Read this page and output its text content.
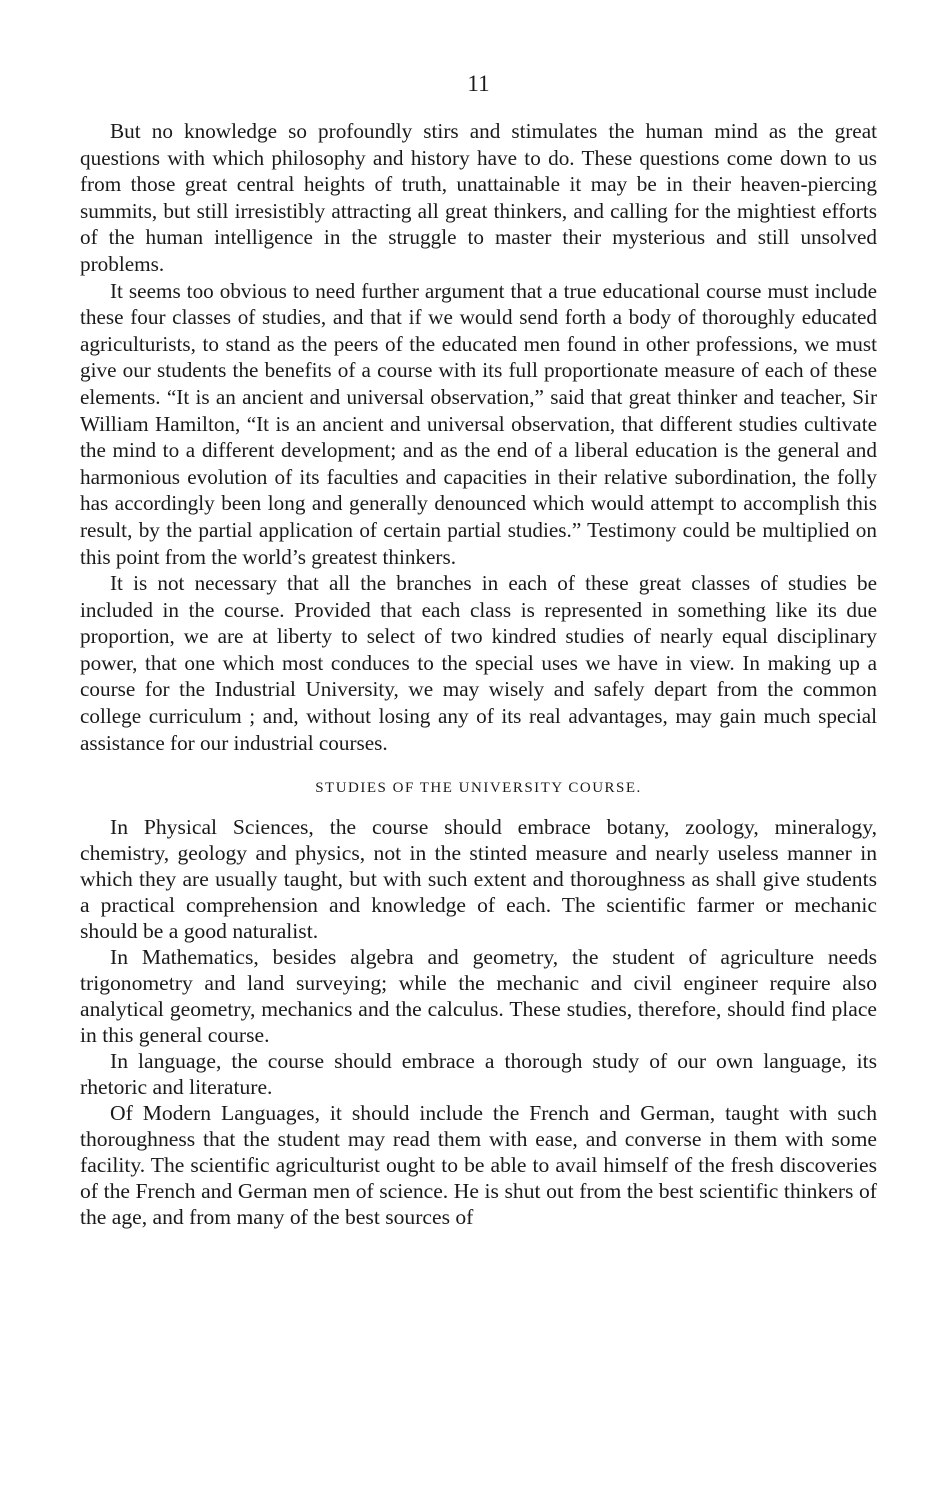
11

But no knowledge so profoundly stirs and stimulates the human mind as the great questions with which philosophy and history have to do. These questions come down to us from those great central heights of truth, unattainable it may be in their heaven-piercing summits, but still irresistibly attracting all great thinkers, and calling for the mightiest efforts of the human intelligence in the struggle to master their mysterious and still unsolved problems.

It seems too obvious to need further argument that a true educational course must include these four classes of studies, and that if we would send forth a body of thoroughly educated agriculturists, to stand as the peers of the educated men found in other professions, we must give our students the benefits of a course with its full proportionate measure of each of these elements. “It is an ancient and universal observation,” said that great thinker and teacher, Sir William Hamilton, “It is an ancient and universal observation, that different studies cultivate the mind to a different development; and as the end of a liberal education is the general and harmonious evolution of its faculties and capacities in their relative subordination, the folly has accordingly been long and generally denounced which would attempt to accomplish this result, by the partial application of certain partial studies.” Testimony could be multiplied on this point from the world’s greatest thinkers.

It is not necessary that all the branches in each of these great classes of studies be included in the course. Provided that each class is represented in something like its due proportion, we are at liberty to select of two kindred studies of nearly equal disciplinary power, that one which most conduces to the special uses we have in view. In making up a course for the Industrial University, we may wisely and safely depart from the common college curriculum ; and, without losing any of its real advantages, may gain much special assistance for our industrial courses.

STUDIES OF THE UNIVERSITY COURSE.

In Physical Sciences, the course should embrace botany, zoology, mineralogy, chemistry, geology and physics, not in the stinted measure and nearly useless manner in which they are usually taught, but with such extent and thoroughness as shall give students a practical comprehension and knowledge of each. The scientific farmer or mechanic should be a good naturalist.

In Mathematics, besides algebra and geometry, the student of agriculture needs trigonometry and land surveying; while the mechanic and civil engineer require also analytical geometry, mechanics and the calculus. These studies, therefore, should find place in this general course.

In language, the course should embrace a thorough study of our own language, its rhetoric and literature.

Of Modern Languages, it should include the French and German, taught with such thoroughness that the student may read them with ease, and converse in them with some facility. The scientific agriculturist ought to be able to avail himself of the fresh discoveries of the French and German men of science. He is shut out from the best scientific thinkers of the age, and from many of the best sources of
